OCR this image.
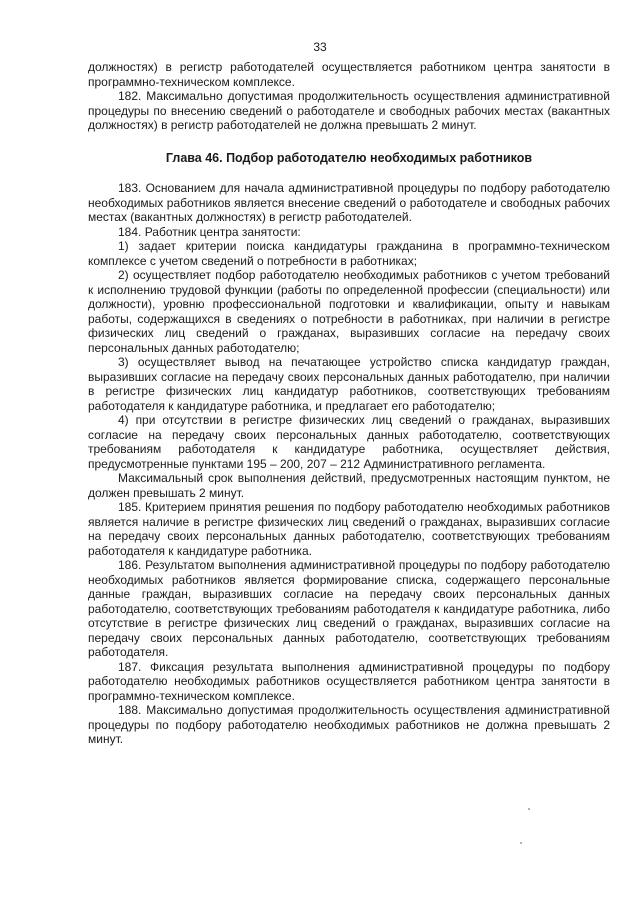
33

должностях) в регистр работодателей осуществляется работником центра занятости в программно-техническом комплексе.

182. Максимально допустимая продолжительность осуществления административной процедуры по внесению сведений о работодателе и свободных рабочих местах (вакантных должностях) в регистр работодателей не должна превышать 2 минут.

Глава 46. Подбор работодателю необходимых работников

183. Основанием для начала административной процедуры по подбору работодателю необходимых работников является внесение сведений о работодателе и свободных рабочих местах (вакантных должностях) в регистр работодателей.

184. Работник центра занятости:

1) задает критерии поиска кандидатуры гражданина в программно-техническом комплексе с учетом сведений о потребности в работниках;

2) осуществляет подбор работодателю необходимых работников с учетом требований к исполнению трудовой функции (работы по определенной профессии (специальности) или должности), уровню профессиональной подготовки и квалификации, опыту и навыкам работы, содержащихся в сведениях о потребности в работниках, при наличии в регистре физических лиц сведений о гражданах, выразивших согласие на передачу своих персональных данных работодателю;

3) осуществляет вывод на печатающее устройство списка кандидатур граждан, выразивших согласие на передачу своих персональных данных работодателю, при наличии в регистре физических лиц кандидатур работников, соответствующих требованиям работодателя к кандидатуре работника, и предлагает его работодателю;

4) при отсутствии в регистре физических лиц сведений о гражданах, выразивших согласие на передачу своих персональных данных работодателю, соответствующих требованиям работодателя к кандидатуре работника, осуществляет действия, предусмотренные пунктами 195 – 200, 207 – 212 Административного регламента.

Максимальный срок выполнения действий, предусмотренных настоящим пунктом, не должен превышать 2 минут.

185. Критерием принятия решения по подбору работодателю необходимых работников является наличие в регистре физических лиц сведений о гражданах, выразивших согласие на передачу своих персональных данных работодателю, соответствующих требованиям работодателя к кандидатуре работника.

186. Результатом выполнения административной процедуры по подбору работодателю необходимых работников является формирование списка, содержащего персональные данные граждан, выразивших согласие на передачу своих персональных данных работодателю, соответствующих требованиям работодателя к кандидатуре работника, либо отсутствие в регистре физических лиц сведений о гражданах, выразивших согласие на передачу своих персональных данных работодателю, соответствующих требованиям работодателя.

187. Фиксация результата выполнения административной процедуры по подбору работодателю необходимых работников осуществляется работником центра занятости в программно-техническом комплексе.

188. Максимально допустимая продолжительность осуществления административной процедуры по подбору работодателю необходимых работников не должна превышать 2 минут.
